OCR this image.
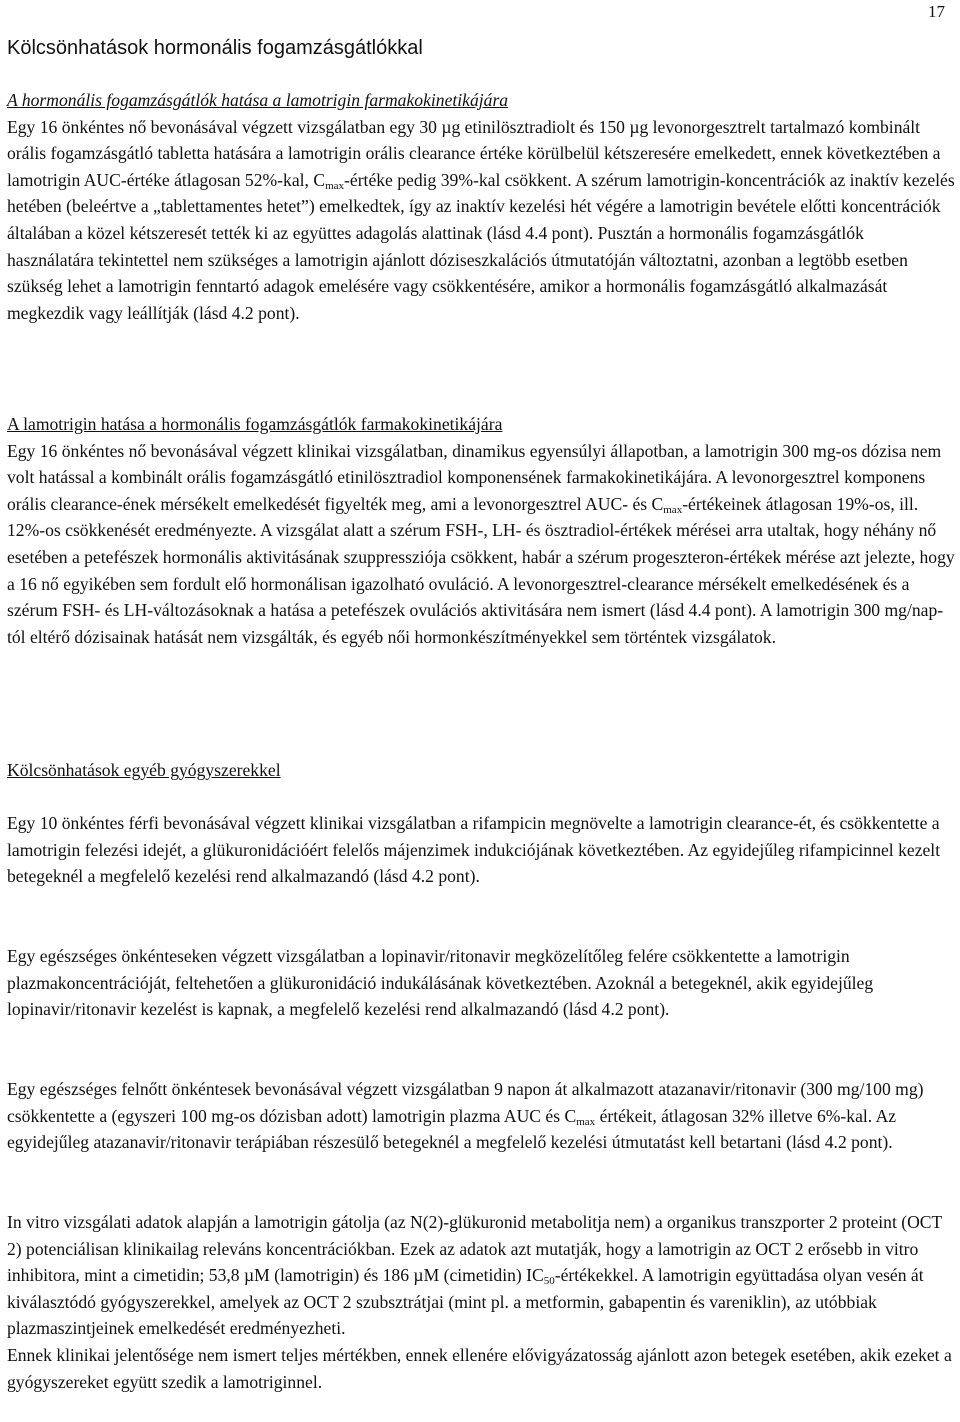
17
Kölcsönhatások hormonális fogamzásgátlókkal

A hormonális fogamzásgátlók hatása a lamotrigin farmakokinetikájára

Egy 16 önkéntes nő bevonásával végzett vizsgálatban egy 30 µg etinilösztradiolt és 150 µg levonorgesztrelt tartalmazó kombinált orális fogamzásgátló tabletta hatására a lamotrigin orális clearance értéke körülbelül kétszeresére emelkedett, ennek következtében a lamotrigin AUC-értéke átlagosan 52%-kal, $C_{max}$-értéke pedig 39%-kal csökkent. A szérum lamotrigin-koncentrációk az inaktív kezelés hetében (beleértve a „tablettamentes hetet”) emelkedtek, így az inaktív kezelési hét végére a lamotrigin bevétele előtti koncentrációk általában a közel kétszeresét tették ki az együttes adagolás alattinak (lásd 4.4 pont). Pusztán a hormonális fogamzásgátlók használatára tekintettel nem szükséges a lamotrigin ajánlott dóziseszkalációs útmutatóján változtatni, azonban a legtöbb esetben szükség lehet a lamotrigin fenntartó adagok emelésére vagy csökkentésére, amikor a hormonális fogamzásgátló alkalmazását megkezdik vagy leállítják (lásd 4.2 pont).

A lamotrigin hatása a hormonális fogamzásgátlók farmakokinetikájára

Egy 16 önkéntes nő bevonásával végzett klinikai vizsgálatban, dinamikus egyensúlyi állapotban, a lamotrigin 300 mg-os dózisa nem volt hatással a kombinált orális fogamzásgátló etinilösztradiol komponensének farmakokinetikájára. A levonorgesztrel komponens orális clearance-ének mérsékelt emelkedését figyelték meg, ami a levonorgesztrel AUC- és $C_{max}$-értékeinek átlagosan 19%-os, ill. 12%-os csökkenését eredményezte. A vizsgálat alatt a szérum FSH-, LH- és ösztradiol-értékek mérései arra utaltak, hogy néhány nő esetében a petefészek hormonális aktivitásának szuppressziója csökkent, habár a szérum progeszteron-értékek mérése azt jelezte, hogy a 16 nő egyikében sem fordult elő hormonálisan igazolható ovuláció. A levonorgesztrel-clearance mérsékelt emelkedésének és a szérum FSH- és LH-változásoknak a hatása a petefészek ovulációs aktivitására nem ismert (lásd 4.4 pont). A lamotrigin 300 mg/nap-tól eltérő dózisainak hatását nem vizsgálták, és egyéb női hormonkészítményekkel sem történtek vizsgálatok.

Kölcsönhatások egyéb gyógyszerekkel

Egy 10 önkéntes férfi bevonásával végzett klinikai vizsgálatban a rifampicin megnövelte a lamotrigin clearance-ét, és csökkentette a lamotrigin felezési idejét, a glükuronidációért felelős májenzimek indukciójának következtében. Az egyidejűleg rifampicinnel kezelt betegeknél a megfelelő kezelési rend alkalmazandó (lásd 4.2 pont).

Egy egészséges önkénteseken végzett vizsgálatban a lopinavir/ritonavir megközelítőleg felére csökkentette a lamotrigin plazmakoncentrációját, feltehetően a glükuronidáció indukálásának következtében. Azoknál a betegeknél, akik egyidejűleg lopinavir/ritonavir kezelést is kapnak, a megfelelő kezelési rend alkalmazandó (lásd 4.2 pont).

Egy egészséges felnőtt önkéntesek bevonásával végzett vizsgálatban 9 napon át alkalmazott atazanavir/ritonavir (300 mg/100 mg) csökkentette a (egyszeri 100 mg-os dózisban adott) lamotrigin plazma AUC és $C_{max}$ értékeit, átlagosan 32% illetve 6%-kal. Az egyidejűleg atazanavir/ritonavir terápiában részesülő betegeknél a megfelelő kezelési útmutatást kell betartani (lásd 4.2 pont).

In vitro vizsgálati adatok alapján a lamotrigin gátolja (az N(2)-glükuronid metabolitja nem) a organikus transzporter 2 proteint (OCT 2) potenciálisan klinikailag releváns koncentrációkban. Ezek az adatok azt mutatják, hogy a lamotrigin az OCT 2 erősebb in vitro inhibitora, mint a cimetidin; 53,8 µM (lamotrigin) és 186 µM (cimetidin) $IC_{50}$-értékekkel. A lamotrigin együttadása olyan vesén át kiválasztódó gyógyszerekkel, amelyek az OCT 2 szubsztrátjai (mint pl. a metformin, gabapentin és vareniklin), az utóbbiak plazmaszintjeinek emelkedését eredményezheti.

Ennek klinikai jelentősége nem ismert teljes mértékben, ennek ellenére elővigyázatosság ajánlott azon betegek esetében, akik ezeket a gyógyszereket együtt szedik a lamotriginnel.
